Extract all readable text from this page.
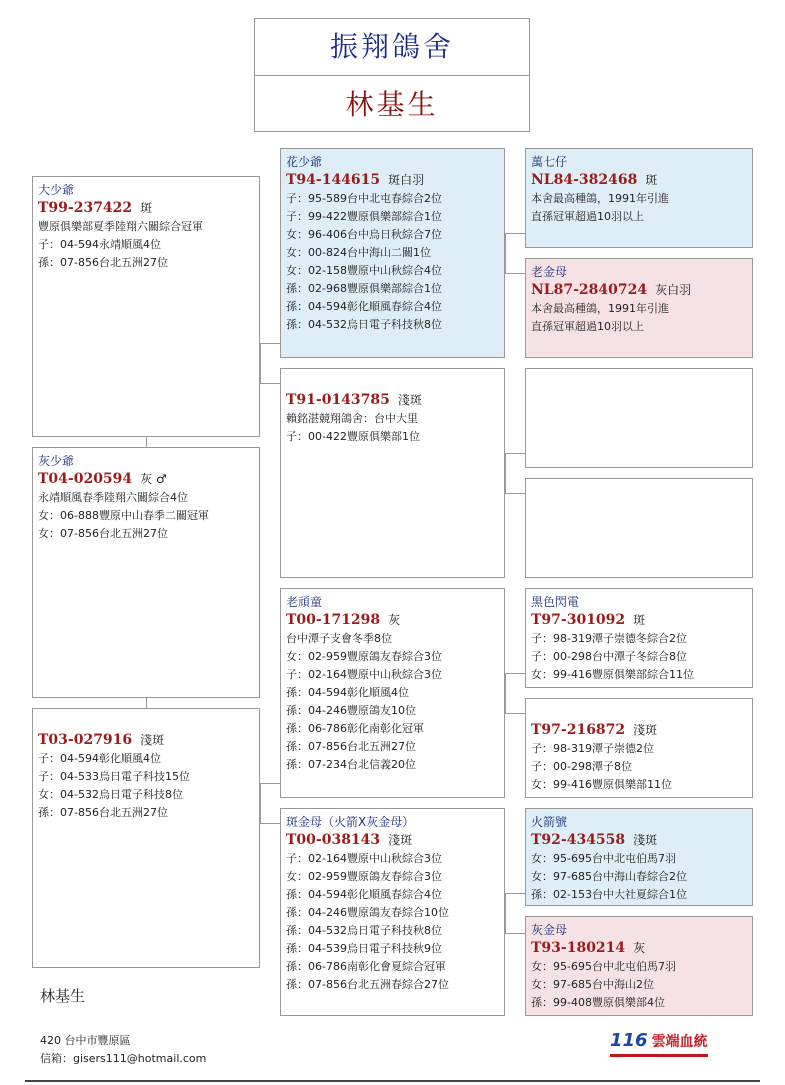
振翔鴿舍
林基生
大少爺
T99-237422 斑
豐原俱樂部夏季陸翔六關綜合冠軍
子：04-594永靖順風4位
孫：07-856台北五洲27位
灰少爺
T04-020594 灰 ♂
永靖順風春季陸翔六關綜合4位
女：06-888豐原中山春季二關冠軍
女：07-856台北五洲27位
T03-027916 淺斑
子：04-594彰化順風4位
子：04-533烏日電子科技15位
女：04-532烏日電子科技8位
孫：07-856台北五洲27位
花少爺
T94-144615 斑白羽
子：95-589台中北屯春綜合2位
子：99-422豐原俱樂部綜合1位
女：96-406台中烏日秋綜合7位
女：00-824台中海山二關1位
女：02-158豐原中山秋綜合4位
孫：02-968豐原俱樂部綜合1位
孫：04-594彰化順風春綜合4位
孫：04-532烏日電子科技秋8位
T91-0143785 淺斑
賴銘湛競翔鴿舍：台中大里
子：00-422豐原俱樂部1位
老頑童
T00-171298 灰
台中潭子支會冬季8位
女：02-959豐原鴿友春綜合3位
子：02-164豐原中山秋綜合3位
孫：04-594彰化順風4位
孫：04-246豐原鴿友10位
孫：06-786彰化南彰化冠軍
孫：07-856台北五洲27位
孫：07-234台北信義20位
斑金母（火箭X灰金母）
T00-038143 淺斑
子：02-164豐原中山秋綜合3位
女：02-959豐原鴿友春綜合3位
孫：04-594彰化順風春綜合4位
孫：04-246豐原鴿友春綜合10位
孫：04-532烏日電子科技秋8位
孫：04-539烏日電子科技秋9位
孫：06-786南彰化會夏綜合冠軍
孫：07-856台北五洲春綜合27位
萬七仔
NL84-382468 斑
本舍最高種鴿，1991年引進
直孫冠軍超過10羽以上
老金母
NL87-2840724 灰白羽
本舍最高種鴿，1991年引進
直孫冠軍超過10羽以上
黑色閃電
T97-301092 斑
子：98-319潭子崇德冬綜合2位
子：00-298台中潭子冬綜合8位
女：99-416豐原俱樂部綜合11位
T97-216872 淺斑
子：98-319潭子崇德2位
子：00-298潭子8位
女：99-416豐原俱樂部11位
火箭號
T92-434558 淺斑
女：95-695台中北屯伯馬7羽
女：97-685台中海山春綜合2位
孫：02-153台中大社夏綜合1位
灰金母
T93-180214 灰
女：95-695台中北屯伯馬7羽
女：97-685台中海山2位
孫：99-408豐原俱樂部4位
林基生
420 台中市豐原區
信箱：gisers111@hotmail.com
116 雲端血統
